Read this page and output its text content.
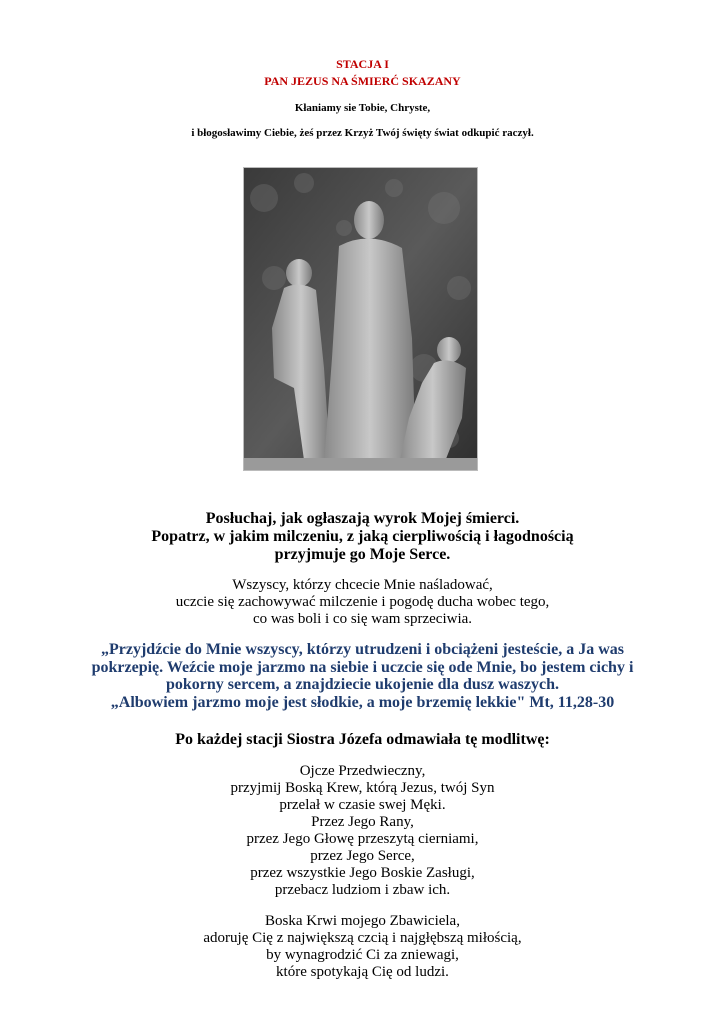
STACJA I
PAN JEZUS NA ŚMIERĆ SKAZANY
Kłaniamy sie Tobie, Chryste,
i błogosławimy Ciebie, żeś przez Krzyż Twój święty świat odkupić raczył.
Posłuchaj, jak ogłaszają wyrok Mojej śmierci.
Popatrz, w jakim milczeniu, z jaką cierpliwością i łagodnością
przyjmuje go Moje Serce.
Wszyscy, którzy chcecie Mnie naśladować,
uczcie się zachowywać milczenie i pogodę ducha wobec tego,
co was boli i co się wam sprzeciwia.
„Przyjdźcie do Mnie wszyscy, którzy utrudzeni i obciążeni jesteście, a Ja was
pokrzepię. Weźcie moje jarzmo na siebie i uczcie się ode Mnie, bo jestem cichy i
pokorny sercem, a znajdziecie ukojenie dla dusz waszych.
„Albowiem jarzmo moje jest słodkie, a moje brzemię lekkie" Mt, 11,28-30
Po każdej stacji Siostra Józefa odmawiała tę modlitwę:
Ojcze Przedwieczny,
przyjmij Boską Krew, którą Jezus, twój Syn
przelał w czasie swej Męki.
Przez Jego Rany,
przez Jego Głowę przeszytą cierniami,
przez Jego Serce,
przez wszystkie Jego Boskie Zasługi,
przebacz ludziom i zbaw ich.
Boska Krwi mojego Zbawiciela,
adoruję Cię z największą czcią i najgłębszą miłością,
by wynagrodzić Ci za zniewagi,
które spotykają Cię od ludzi.
